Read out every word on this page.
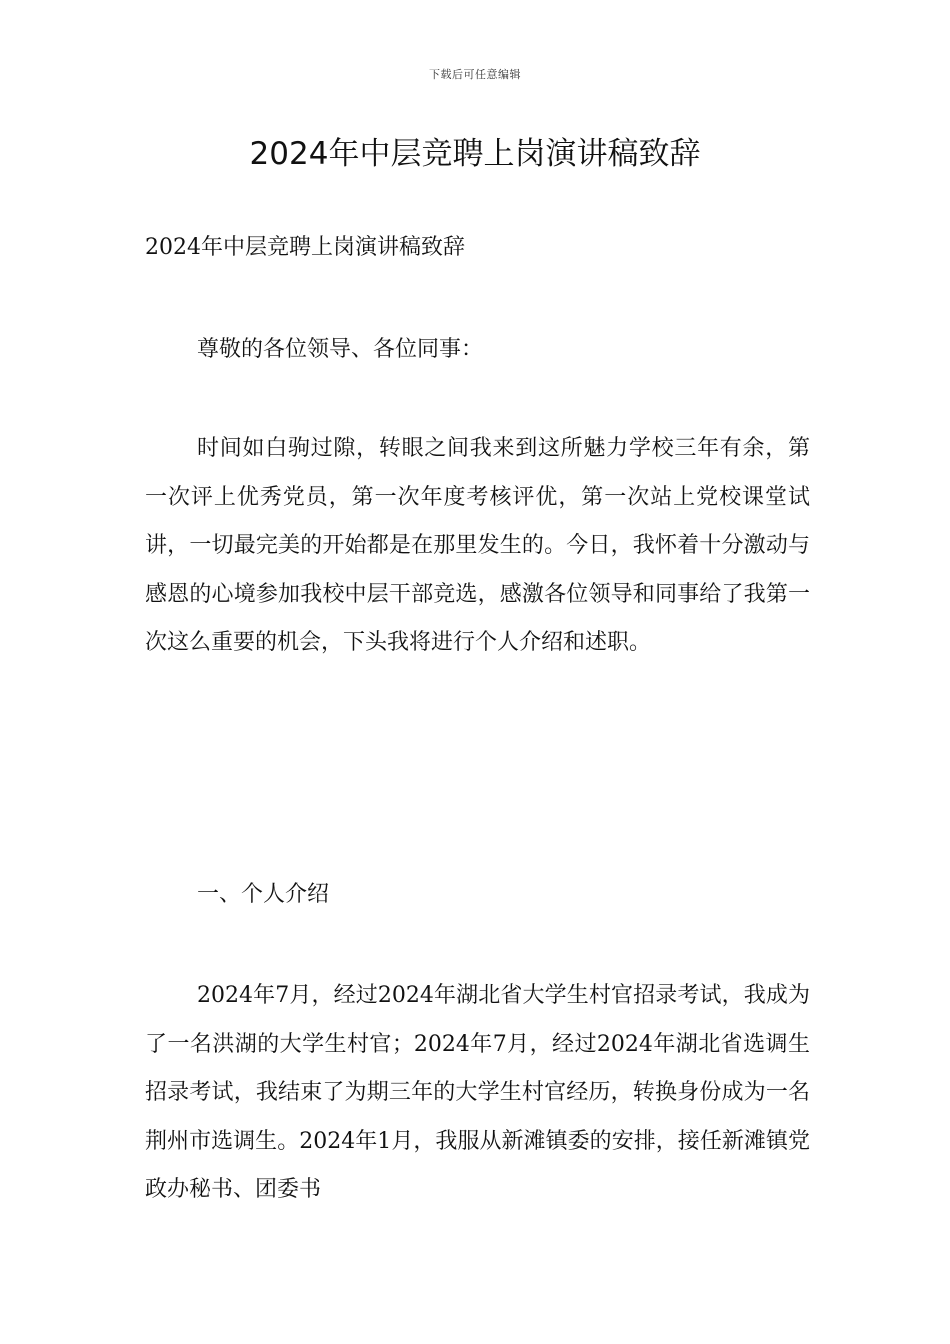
下载后可任意编辑
2024年中层竞聘上岗演讲稿致辞

2024年中层竞聘上岗演讲稿致辞

尊敬的各位领导、各位同事：

时间如白驹过隙，转眼之间我来到这所魅力学校三年有余，第一次评上优秀党员，第一次年度考核评优，第一次站上党校课堂试讲，一切最完美的开始都是在那里发生的。今日，我怀着十分激动与感恩的心境参加我校中层干部竞选，感激各位领导和同事给了我第一次这么重要的机会，下头我将进行个人介绍和述职。

一、个人介绍

2024年7月，经过2024年湖北省大学生村官招录考试，我成为了一名洪湖的大学生村官；2024年7月，经过2024年湖北省选调生招录考试，我结束了为期三年的大学生村官经历，转换身份成为一名荆州市选调生。2024年1月，我服从新滩镇委的安排，接任新滩镇党政办秘书、团委书
